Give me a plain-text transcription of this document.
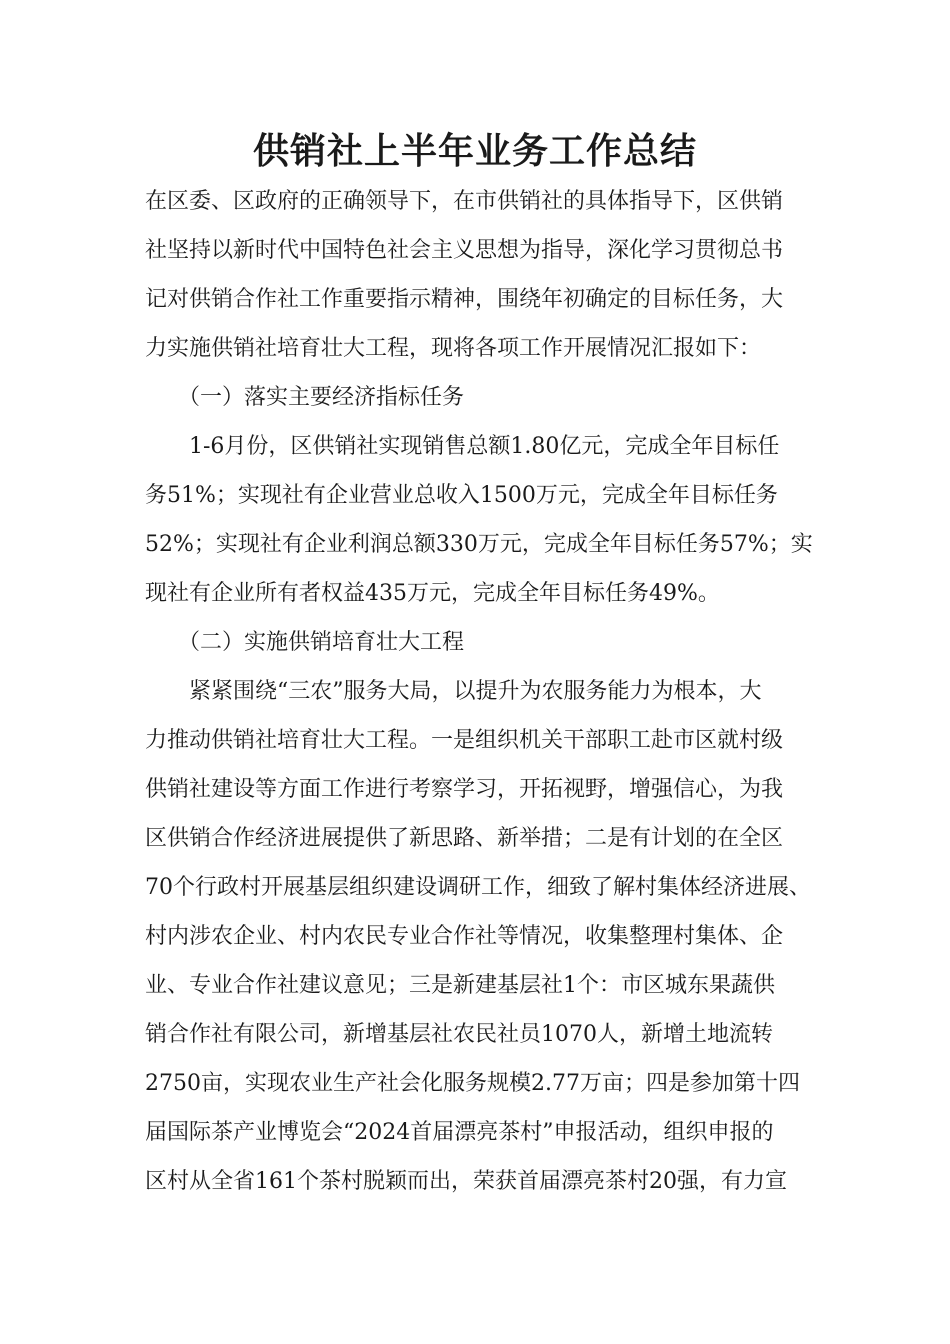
供销社上半年业务工作总结
在区委、区政府的正确领导下，在市供销社的具体指导下，区供销
社坚持以新时代中国特色社会主义思想为指导，深化学习贯彻总书
记对供销合作社工作重要指示精神，围绕年初确定的目标任务，大
力实施供销社培育壮大工程，现将各项工作开展情况汇报如下：
　　（一）落实主要经济指标任务
　　1-6月份，区供销社实现销售总额1.80亿元，完成全年目标任
务51%；实现社有企业营业总收入1500万元，完成全年目标任务
52%；实现社有企业利润总额330万元，完成全年目标任务57%；实
现社有企业所有者权益435万元，完成全年目标任务49%。
　　（二）实施供销培育壮大工程
　　紧紧围绕“三农”服务大局，以提升为农服务能力为根本，大
力推动供销社培育壮大工程。一是组织机关干部职工赴市区就村级
供销社建设等方面工作进行考察学习，开拓视野，增强信心，为我
区供销合作经济进展提供了新思路、新举措；二是有计划的在全区
70个行政村开展基层组织建设调研工作，细致了解村集体经济进展、
村内涉农企业、村内农民专业合作社等情况，收集整理村集体、企
业、专业合作社建议意见；三是新建基层社1个：市区城东果蔬供
销合作社有限公司，新增基层社农民社员1070人，新增土地流转
2750亩，实现农业生产社会化服务规模2.77万亩；四是参加第十四
届国际茶产业博览会“2024首届漂亮茶村”申报活动，组织申报的
区村从全省161个茶村脱颖而出，荣获首届漂亮茶村20强，有力宣
